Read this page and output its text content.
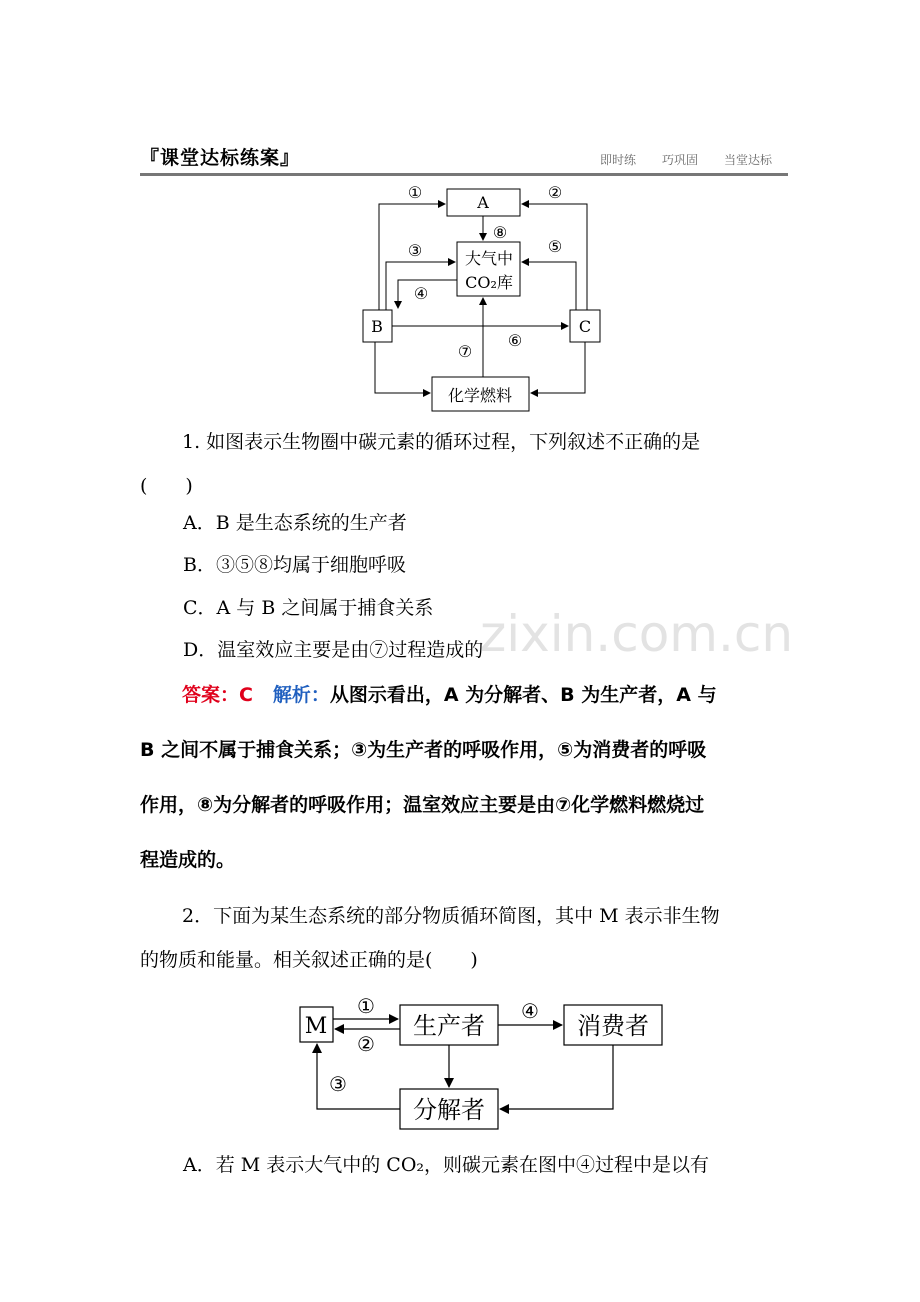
zixin.com.cn
『课堂达标练案』	即时练 巧巩固 当堂达标
A
大气中
CO₂库
B	C
化学燃料
①	②
⑧
③	⑤
④
⑥
⑦
1. 如图表示生物圈中碳元素的循环过程，下列叙述不正确的是
(　　)
A．B 是生态系统的生产者
B．③⑤⑧均属于细胞呼吸
C．A 与 B 之间属于捕食关系
D．温室效应主要是由⑦过程造成的
答案：C 解析：从图示看出，A 为分解者、B 为生产者，A 与
B 之间不属于捕食关系；③为生产者的呼吸作用，⑤为消费者的呼吸
作用，⑧为分解者的呼吸作用；温室效应主要是由⑦化学燃料燃烧过
程造成的。
2．下面为某生态系统的部分物质循环简图，其中 M 表示非生物
的物质和能量。相关叙述正确的是(　　)
M	生产者	消费者
分解者
①
②
④
③
A．若 M 表示大气中的 CO₂，则碳元素在图中④过程中是以有
